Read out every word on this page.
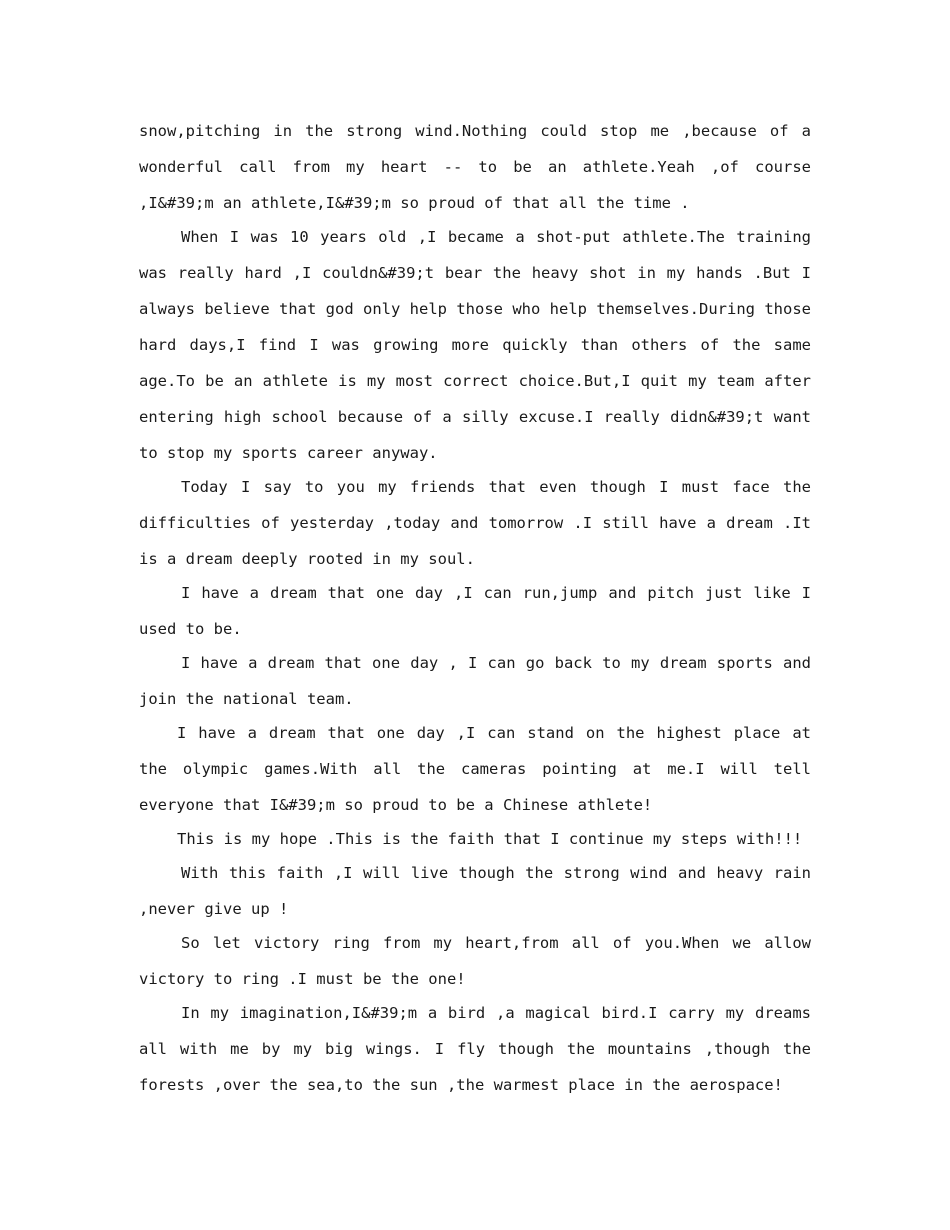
snow,pitching in the strong wind.Nothing could stop me ,because of a wonderful call from my heart -- to be an athlete.Yeah ,of course ,I&#39;m an athlete,I&#39;m so proud of that all the time .

When I was 10 years old ,I became a shot-put athlete.The training was really hard ,I couldn&#39;t bear the heavy shot in my hands .But I always believe that god only help those who help themselves.During those hard days,I find I was growing more quickly than others of the same age.To be an athlete is my most correct choice.But,I quit my team after entering high school because of a silly excuse.I really didn&#39;t want to stop my sports career anyway.

Today I say to you my friends that even though I must face the difficulties of yesterday ,today and tomorrow .I still have a dream .It is a dream deeply rooted in my soul.

I have a dream that one day ,I can run,jump and pitch just like I used to be.

I have a dream that one day , I can go back to my dream sports and join the national team.

I have a dream that one day ,I can stand on the highest place at the olympic games.With all the cameras pointing at me.I will tell everyone that I&#39;m so proud to be a Chinese athlete!

This is my hope .This is the faith that I continue my steps with!!!

With this faith ,I will live though the strong wind and heavy rain ,never give up !

So let victory ring from my heart,from all of you.When we allow victory to ring .I must be the one!

In my imagination,I&#39;m a bird ,a magical bird.I carry my dreams all with me by my big wings. I fly though the mountains ,though the forests ,over the sea,to the sun ,the warmest place in the aerospace!
